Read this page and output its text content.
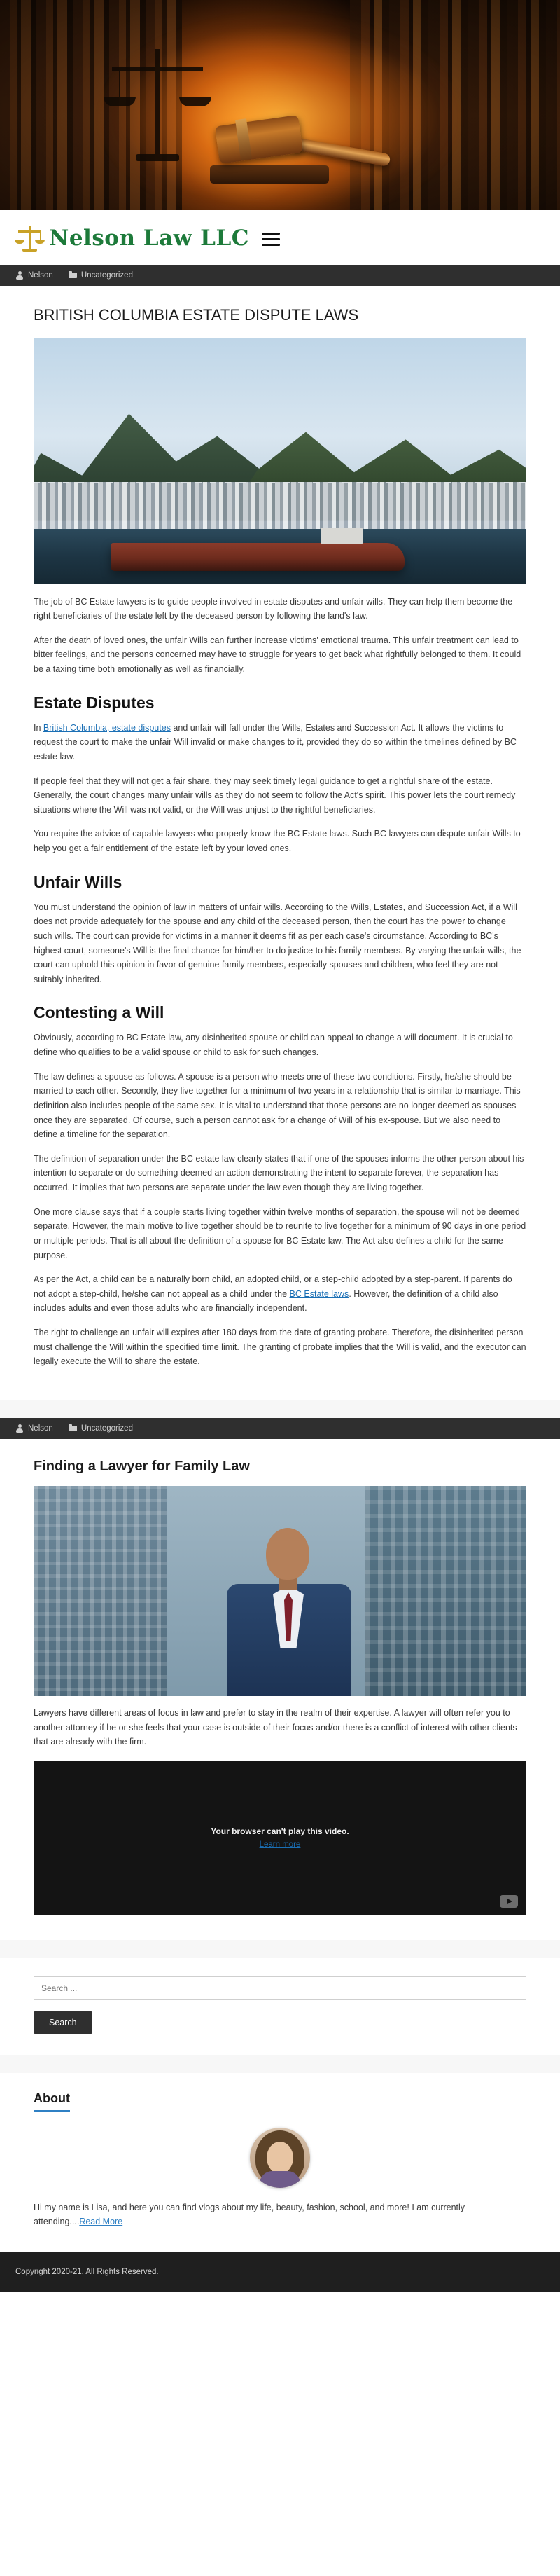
Nelson Law LLC
Nelson	Uncategorized
BRITISH COLUMBIA ESTATE DISPUTE LAWS

The job of BC Estate lawyers is to guide people involved in estate disputes and unfair wills. They can help them become the right beneficiaries of the estate left by the deceased person by following the land's law.

After the death of loved ones, the unfair Wills can further increase victims' emotional trauma. This unfair treatment can lead to bitter feelings, and the persons concerned may have to struggle for years to get back what rightfully belonged to them. It could be a taxing time both emotionally as well as financially.

Estate Disputes

In British Columbia, estate disputes and unfair will fall under the Wills, Estates and Succession Act. It allows the victims to request the court to make the unfair Will invalid or make changes to it, provided they do so within the timelines defined by BC estate law.

If people feel that they will not get a fair share, they may seek timely legal guidance to get a rightful share of the estate. Generally, the court changes many unfair wills as they do not seem to follow the Act's spirit. This power lets the court remedy situations where the Will was not valid, or the Will was unjust to the rightful beneficiaries.

You require the advice of capable lawyers who properly know the BC Estate laws. Such BC lawyers can dispute unfair Wills to help you get a fair entitlement of the estate left by your loved ones.

Unfair Wills

You must understand the opinion of law in matters of unfair wills. According to the Wills, Estates, and Succession Act, if a Will does not provide adequately for the spouse and any child of the deceased person, then the court has the power to change such wills. The court can provide for victims in a manner it deems fit as per each case's circumstance. According to BC's highest court, someone's Will is the final chance for him/her to do justice to his family members. By varying the unfair wills, the court can uphold this opinion in favor of genuine family members, especially spouses and children, who feel they are not suitably inherited.

Contesting a Will

Obviously, according to BC Estate law, any disinherited spouse or child can appeal to change a will document. It is crucial to define who qualifies to be a valid spouse or child to ask for such changes.

The law defines a spouse as follows. A spouse is a person who meets one of these two conditions. Firstly, he/she should be married to each other. Secondly, they live together for a minimum of two years in a relationship that is similar to marriage. This definition also includes people of the same sex. It is vital to understand that those persons are no longer deemed as spouses once they are separated. Of course, such a person cannot ask for a change of Will of his ex-spouse. But we also need to define a timeline for the separation.

The definition of separation under the BC estate law clearly states that if one of the spouses informs the other person about his intention to separate or do something deemed an action demonstrating the intent to separate forever, the separation has occurred. It implies that two persons are separate under the law even though they are living together.

One more clause says that if a couple starts living together within twelve months of separation, the spouse will not be deemed separate. However, the main motive to live together should be to reunite to live together for a minimum of 90 days in one period or multiple periods. That is all about the definition of a spouse for BC Estate law. The Act also defines a child for the same purpose.

As per the Act, a child can be a naturally born child, an adopted child, or a step-child adopted by a step-parent. If parents do not adopt a step-child, he/she can not appeal as a child under the BC Estate laws. However, the definition of a child also includes adults and even those adults who are financially independent.

The right to challenge an unfair will expires after 180 days from the date of granting probate. Therefore, the disinherited person must challenge the Will within the specified time limit. The granting of probate implies that the Will is valid, and the executor can legally execute the Will to share the estate.

Nelson	Uncategorized
Finding a Lawyer for Family Law

Lawyers have different areas of focus in law and prefer to stay in the realm of their expertise. A lawyer will often refer you to another attorney if he or she feels that your case is outside of their focus and/or there is a conflict of interest with other clients that are already with the firm.

Your browser can't play this video.
Learn more
Search ...
Search
About

Hi my name is Lisa, and here you can find vlogs about my life, beauty, fashion, school, and more! I am currently attending....Read More

Copyright 2020-21. All Rights Reserved.
